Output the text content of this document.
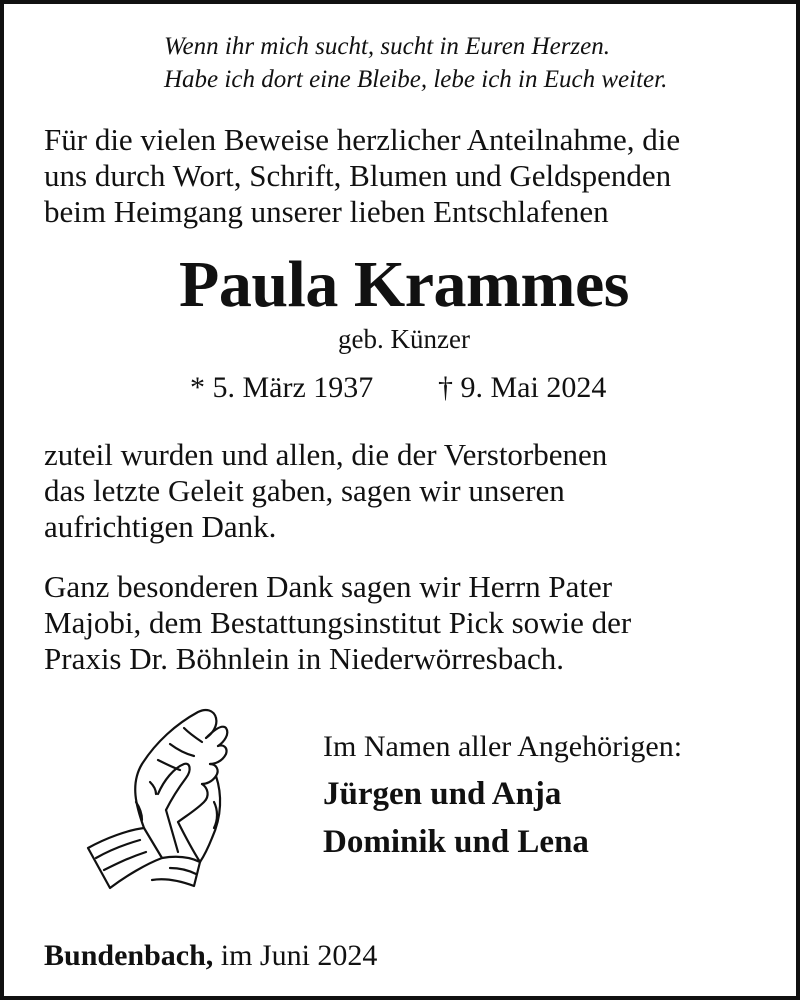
Wenn ihr mich sucht, sucht in Euren Herzen.
Habe ich dort eine Bleibe, lebe ich in Euch weiter.
Für die vielen Beweise herzlicher Anteilnahme, die
uns durch Wort, Schrift, Blumen und Geldspenden
beim Heimgang unserer lieben Entschlafenen
Paula Krammes
geb. Künzer
* 5. März 1937 † 9. Mai 2024
zuteil wurden und allen, die der Verstorbenen
das letzte Geleit gaben, sagen wir unseren
aufrichtigen Dank.
Ganz besonderen Dank sagen wir Herrn Pater
Majobi, dem Bestattungsinstitut Pick sowie der
Praxis Dr. Böhnlein in Niederwörresbach.
Im Namen aller Angehörigen:
Jürgen und Anja
Dominik und Lena
Bundenbach, im Juni 2024
